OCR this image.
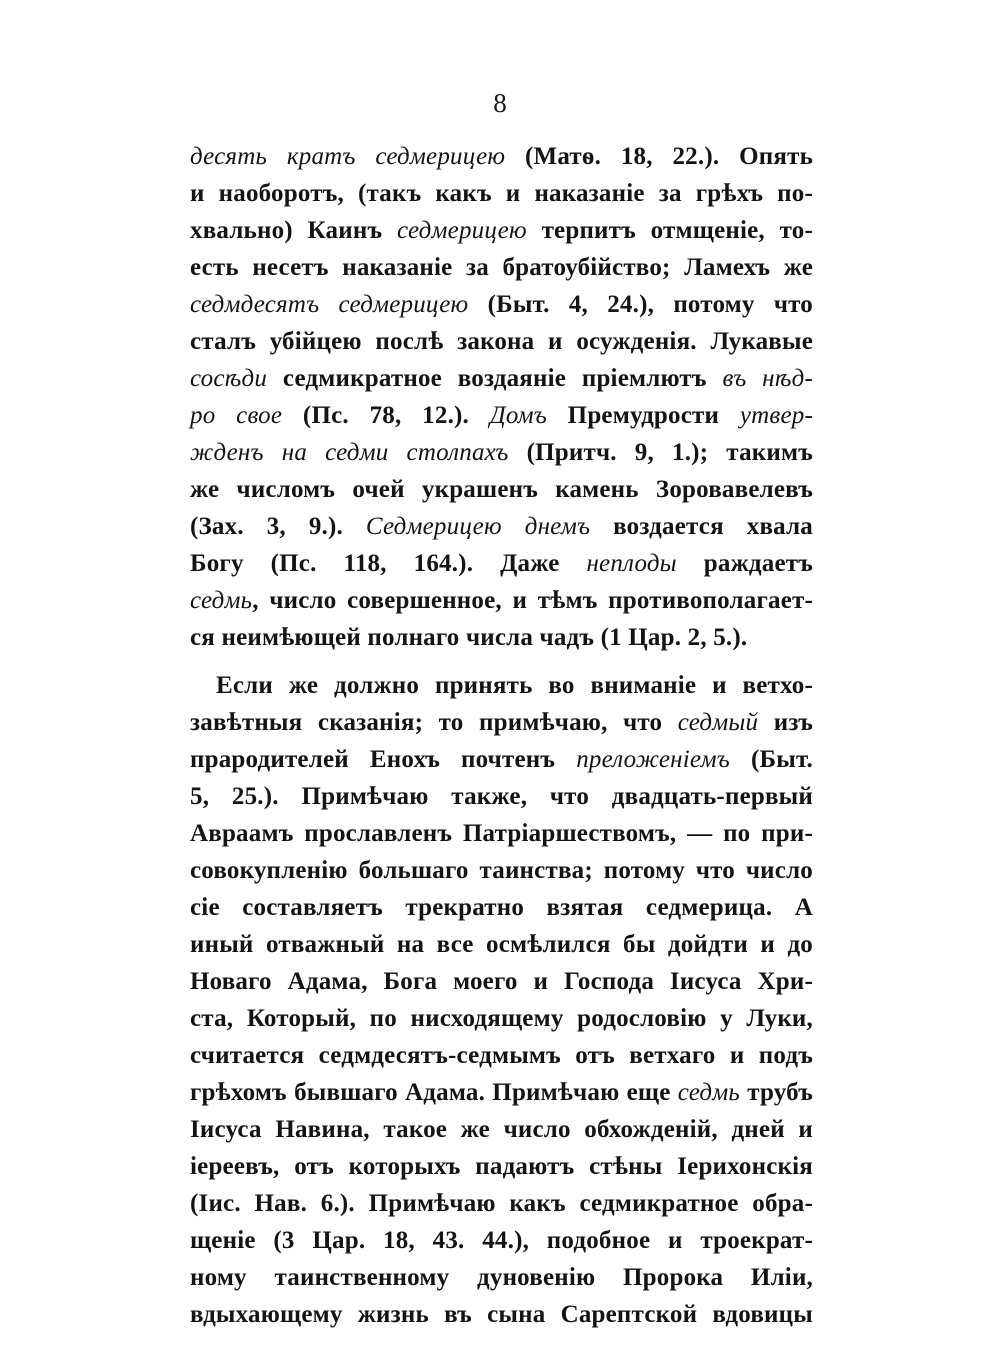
8
десять кратъ седмерицею (Матѳ. 18, 22.). Опять
и наоборотъ, (такъ какъ и наказаніе за грѣхъ по-
хвально) Каинъ седмерицею терпитъ отмщеніе, то-
есть несетъ наказаніе за братоубійство; Ламехъ же
седмдесятъ седмерицею (Быт. 4, 24.), потому что
сталъ убійцею послѣ закона и осужденія. Лукавые
сосѣди седмикратное воздаяніе пріемлютъ въ нѣд-
ро свое (Пс. 78, 12.). Домъ Премудрости утвер-
жденъ на седми столпахъ (Притч. 9, 1.); такимъ
же числомъ очей украшенъ камень Зоровавелевъ
(Зах. 3, 9.). Седмерицею днемъ воздается хвала
Богу (Пс. 118, 164.). Даже неплоды раждаетъ
седмь, число совершенное, и тѣмъ противополагает-
ся неимѣющей полнаго числа чадъ (1 Цар. 2, 5.).
Если же должно принять во вниманіе и ветхо-
завѣтныя сказанія; то примѣчаю, что седмый изъ
прародителей Енохъ почтенъ преложеніемъ (Быт.
5, 25.). Примѣчаю также, что двадцать-первый
Авраамъ прославленъ Патріаршествомъ, — по при-
совокупленію большаго таинства; потому что число
сіе составляетъ трекратно взятая седмерица. А
иный отважный на все осмѣлился бы дойдти и до
Новаго Адама, Бога моего и Господа Іисуса Хри-
ста, Который, по нисходящему родословію у Луки,
считается седмдесятъ-седмымъ отъ ветхаго и подъ
грѣхомъ бывшаго Адама. Примѣчаю еще седмь трубъ
Іисуса Навина, такое же число обхожденій, дней и
іереевъ, отъ которыхъ падаютъ стѣны Іерихонскія
(Іис. Нав. 6.). Примѣчаю какъ седмикратное обра-
щеніе (3 Цар. 18, 43. 44.), подобное и троекрат-
ному таинственному дуновенію Пророка Иліи,
вдыхающему жизнь въ сына Сарептской вдовицы
